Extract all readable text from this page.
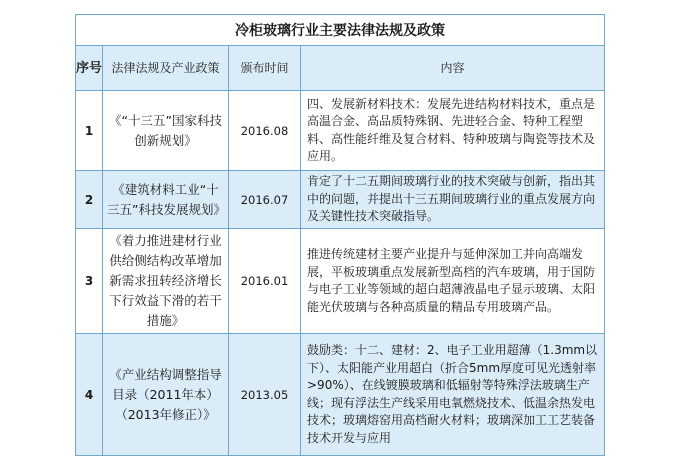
冷柜玻璃行业主要法律法规及政策			
序号	法律法规及产业政策	颁布时间	内容
1	《“十三五”国家科技创新规划》	2016.08	四、发展新材料技术：发展先进结构材料技术，重点是高温合金、高品质特殊钢、先进轻合金、特种工程塑料、高性能纤维及复合材料、特种玻璃与陶瓷等技术及应用。
2	《建筑材料工业“十三五”科技发展规划》	2016.07	肯定了十二五期间玻璃行业的技术突破与创新，指出其中的问题，并提出十三五期间玻璃行业的重点发展方向及关键性技术突破指导。
3	《着力推进建材行业供给侧结构改革增加新需求扭转经济增长下行效益下滑的若干措施》	2016.01	推进传统建材主要产业提升与延伸深加工并向高端发展，平板玻璃重点发展新型高档的汽车玻璃，用于国防与电子工业等领域的超白超薄液晶电子显示玻璃、太阳能光伏玻璃与各种高质量的精品专用玻璃产品。
4	《产业结构调整指导目录（2011年本）（2013年修正）》	2013.05	鼓励类：十二、建材：2、电子工业用超薄（1.3mm以下）、太阳能产业用超白（折合5mm厚度可见光透射率>90%）、在线镀膜玻璃和低辐射等特殊浮法玻璃生产线；现有浮法生产线采用电氧燃烧技术、低温余热发电技术；玻璃熔窑用高档耐火材料；玻璃深加工工艺装备技术开发与应用
